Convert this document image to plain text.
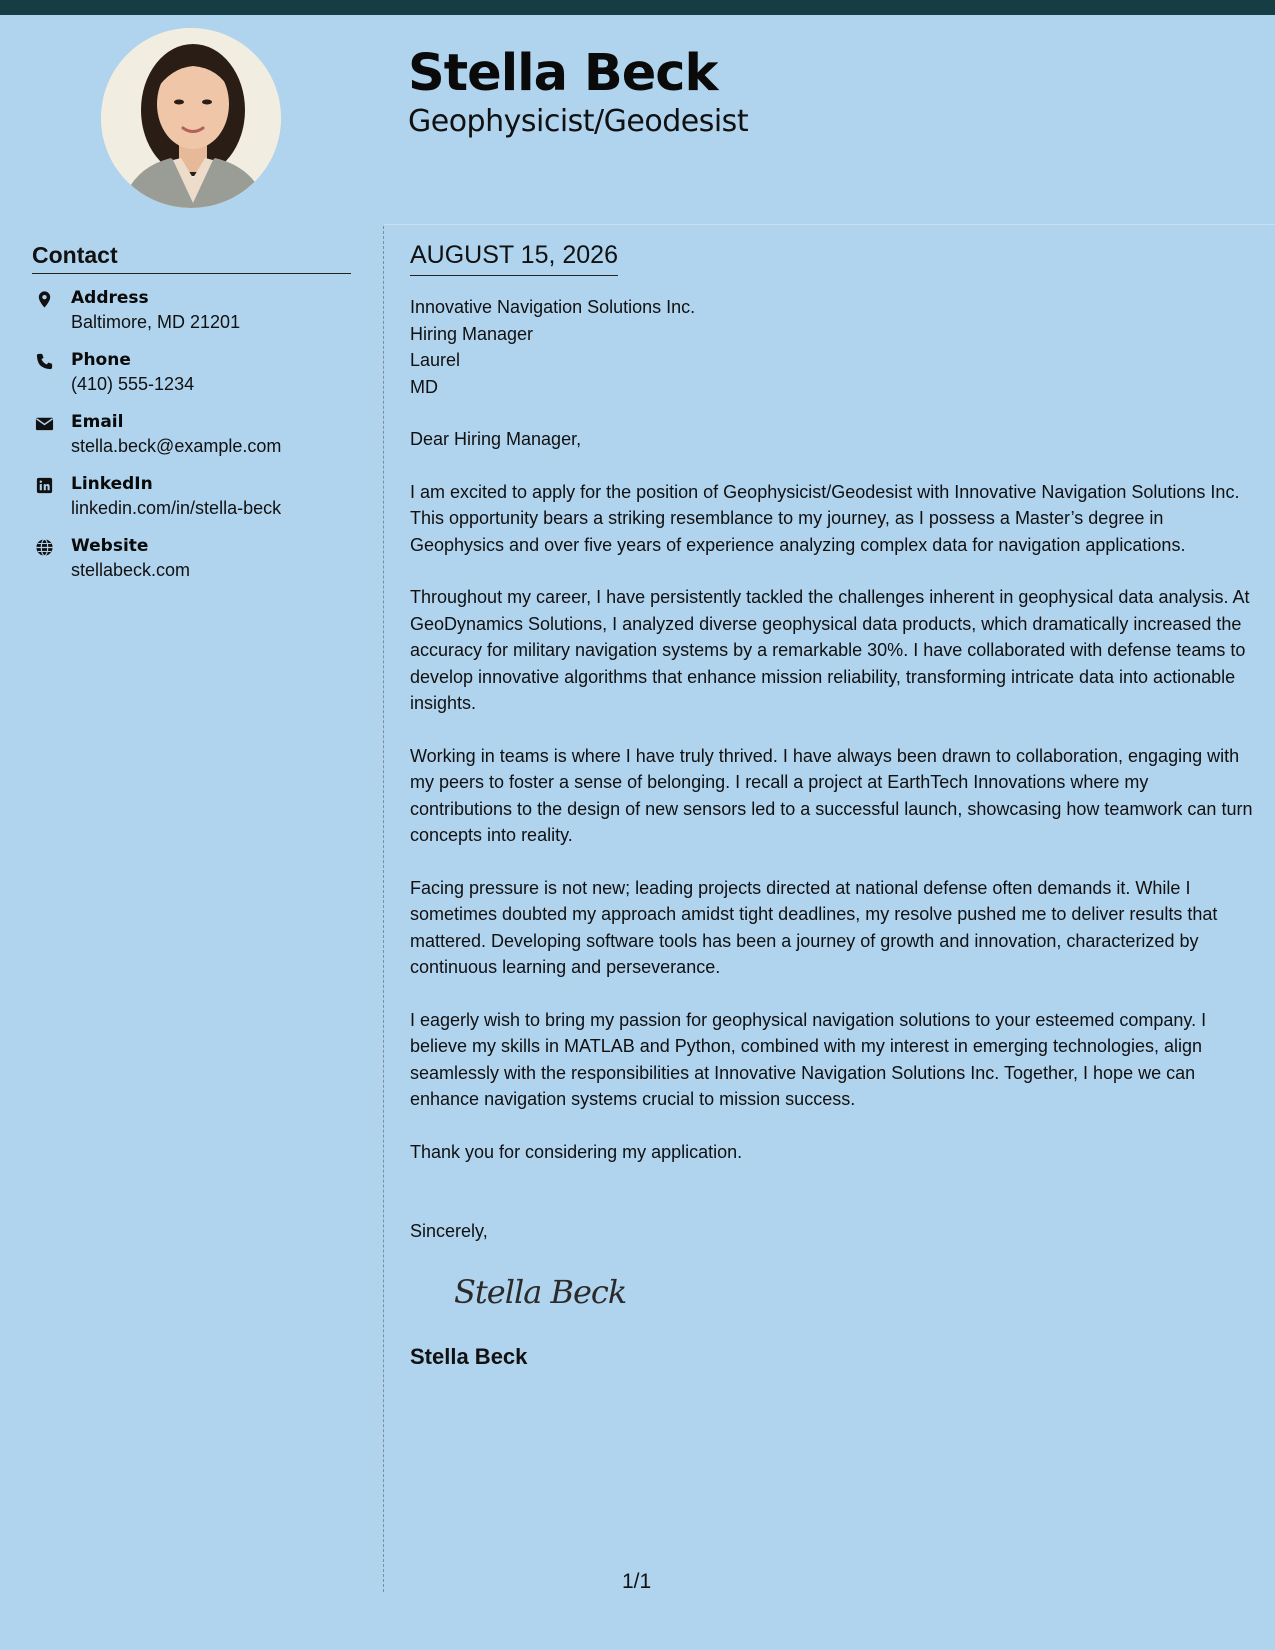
Stella Beck
Geophysicist/Geodesist
Contact
Address
Baltimore, MD 21201
Phone
(410) 555-1234
Email
stella.beck@example.com
LinkedIn
linkedin.com/in/stella-beck
Website
stellabeck.com
AUGUST 15, 2026
Innovative Navigation Solutions Inc.
Hiring Manager
Laurel
MD

Dear Hiring Manager,

I am excited to apply for the position of Geophysicist/Geodesist with Innovative Navigation Solutions Inc. This opportunity bears a striking resemblance to my journey, as I possess a Master’s degree in Geophysics and over five years of experience analyzing complex data for navigation applications.

Throughout my career, I have persistently tackled the challenges inherent in geophysical data analysis. At GeoDynamics Solutions, I analyzed diverse geophysical data products, which dramatically increased the accuracy for military navigation systems by a remarkable 30%. I have collaborated with defense teams to develop innovative algorithms that enhance mission reliability, transforming intricate data into actionable insights.

Working in teams is where I have truly thrived. I have always been drawn to collaboration, engaging with my peers to foster a sense of belonging. I recall a project at EarthTech Innovations where my contributions to the design of new sensors led to a successful launch, showcasing how teamwork can turn concepts into reality.

Facing pressure is not new; leading projects directed at national defense often demands it. While I sometimes doubted my approach amidst tight deadlines, my resolve pushed me to deliver results that mattered. Developing software tools has been a journey of growth and innovation, characterized by continuous learning and perseverance.

I eagerly wish to bring my passion for geophysical navigation solutions to your esteemed company. I believe my skills in MATLAB and Python, combined with my interest in emerging technologies, align seamlessly with the responsibilities at Innovative Navigation Solutions Inc. Together, I hope we can enhance navigation systems crucial to mission success.

Thank you for considering my application.

Sincerely,
Stella Beck
Stella Beck
1/1
